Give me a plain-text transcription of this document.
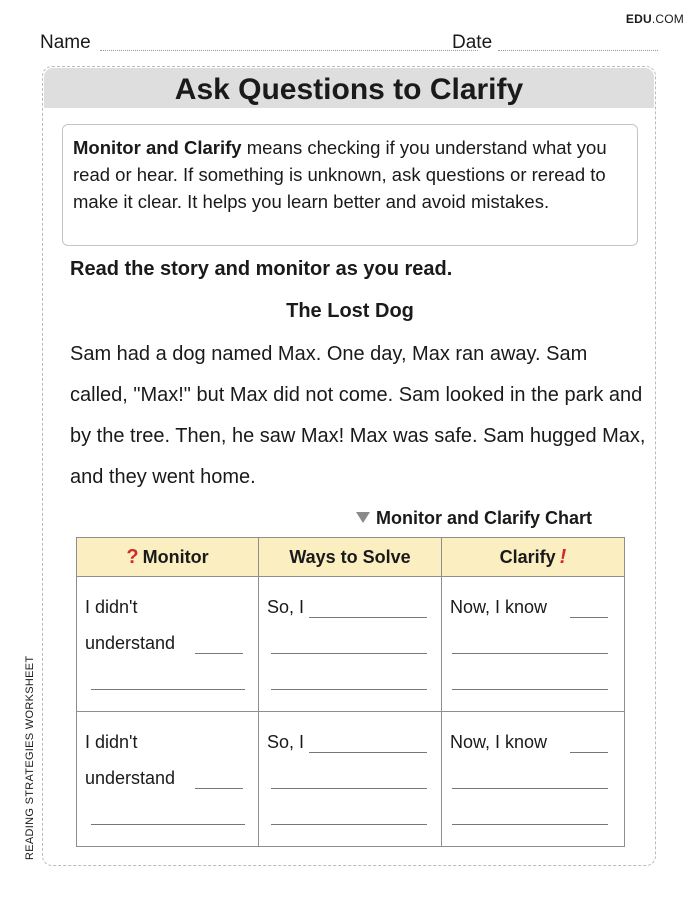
EDU.COM
Name	Date
READING STRATEGIES WORKSHEET
Ask Questions to Clarify
Monitor and Clarify means checking if you understand what you read or hear. If something is unknown, ask questions or reread to make it clear. It helps you learn better and avoid mistakes.
Read the story and monitor as you read.
The Lost Dog
Sam had a dog named Max. One day, Max ran away. Sam called, "Max!" but Max did not come. Sam looked in the park and by the tree. Then, he saw Max! Max was safe. Sam hugged Max, and they went home.
Monitor and Clarify Chart
? Monitor	Ways to Solve	Clarify !

I didn't
understand	So, I	Now, I know

I didn't
understand	So, I	Now, I know
